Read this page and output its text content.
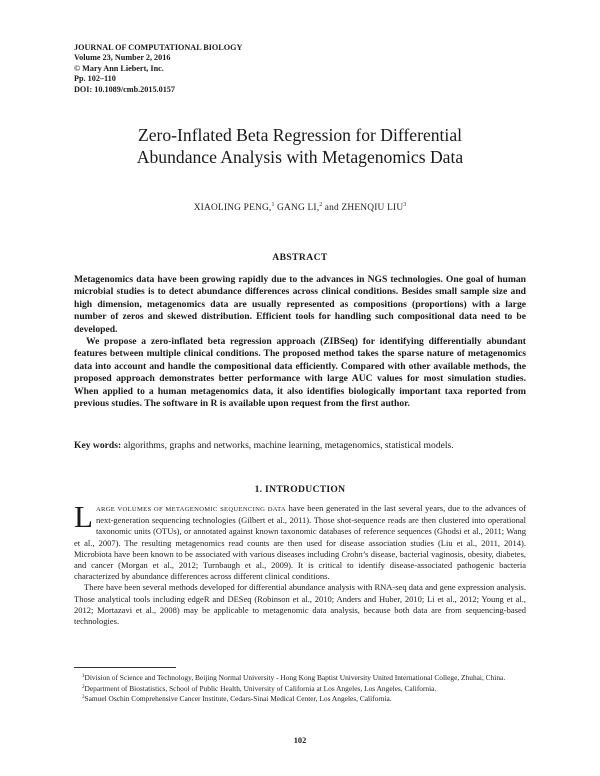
JOURNAL OF COMPUTATIONAL BIOLOGY
Volume 23, Number 2, 2016
© Mary Ann Liebert, Inc.
Pp. 102–110
DOI: 10.1089/cmb.2015.0157
Zero-Inflated Beta Regression for Differential
Abundance Analysis with Metagenomics Data
XIAOLING PENG,$^1$ GANG LI,$^2$ and ZHENQIU LIU$^3$
ABSTRACT

Metagenomics data have been growing rapidly due to the advances in NGS technologies. One goal of human microbial studies is to detect abundance differences across clinical conditions. Besides small sample size and high dimension, metagenomics data are usually represented as compositions (proportions) with a large number of zeros and skewed distribution. Efficient tools for handling such compositional data need to be developed.

We propose a zero-inflated beta regression approach (ZIBSeq) for identifying differentially abundant features between multiple clinical conditions. The proposed method takes the sparse nature of metagenomics data into account and handle the compositional data efficiently. Compared with other available methods, the proposed approach demonstrates better performance with large AUC values for most simulation studies. When applied to a human metagenomics data, it also identifies biologically important taxa reported from previous studies. The software in R is available upon request from the first author.

Key words: algorithms, graphs and networks, machine learning, metagenomics, statistical models.
1. INTRODUCTION

LARGE VOLUMES OF METAGENOMIC SEQUENCING DATA have been generated in the last several years, due to the advances of next-generation sequencing technologies (Gilbert et al., 2011). Those shot-sequence reads are then clustered into operational taxonomic units (OTUs), or annotated against known taxonomic databases of reference sequences (Ghodsi et al., 2011; Wang et al., 2007). The resulting metagenomics read counts are then used for disease association studies (Liu et al., 2011, 2014). Microbiota have been known to be associated with various diseases including Crohn’s disease, bacterial vaginosis, obesity, diabetes, and cancer (Morgan et al., 2012; Turnbaugh et al., 2009). It is critical to identify disease-associated pathogenic bacteria characterized by abundance differences across different clinical conditions.

There have been several methods developed for differential abundance analysis with RNA-seq data and gene expression analysis. Those analytical tools including edgeR and DESeq (Robinson et al., 2010; Anders and Huber, 2010; Li et al., 2012; Young et al., 2012; Mortazavi et al., 2008) may be applicable to metagenomic data analysis, because both data are from sequencing-based technologies.

$^1$Division of Science and Technology, Beijing Normal University - Hong Kong Baptist University United International College, Zhuhai, China.
$^2$Department of Biostatistics, School of Public Health, University of California at Los Angeles, Los Angeles, California.
$^3$Samuel Oschin Comprehensive Cancer Institute, Cedars-Sinai Medical Center, Los Angeles, California.
102
